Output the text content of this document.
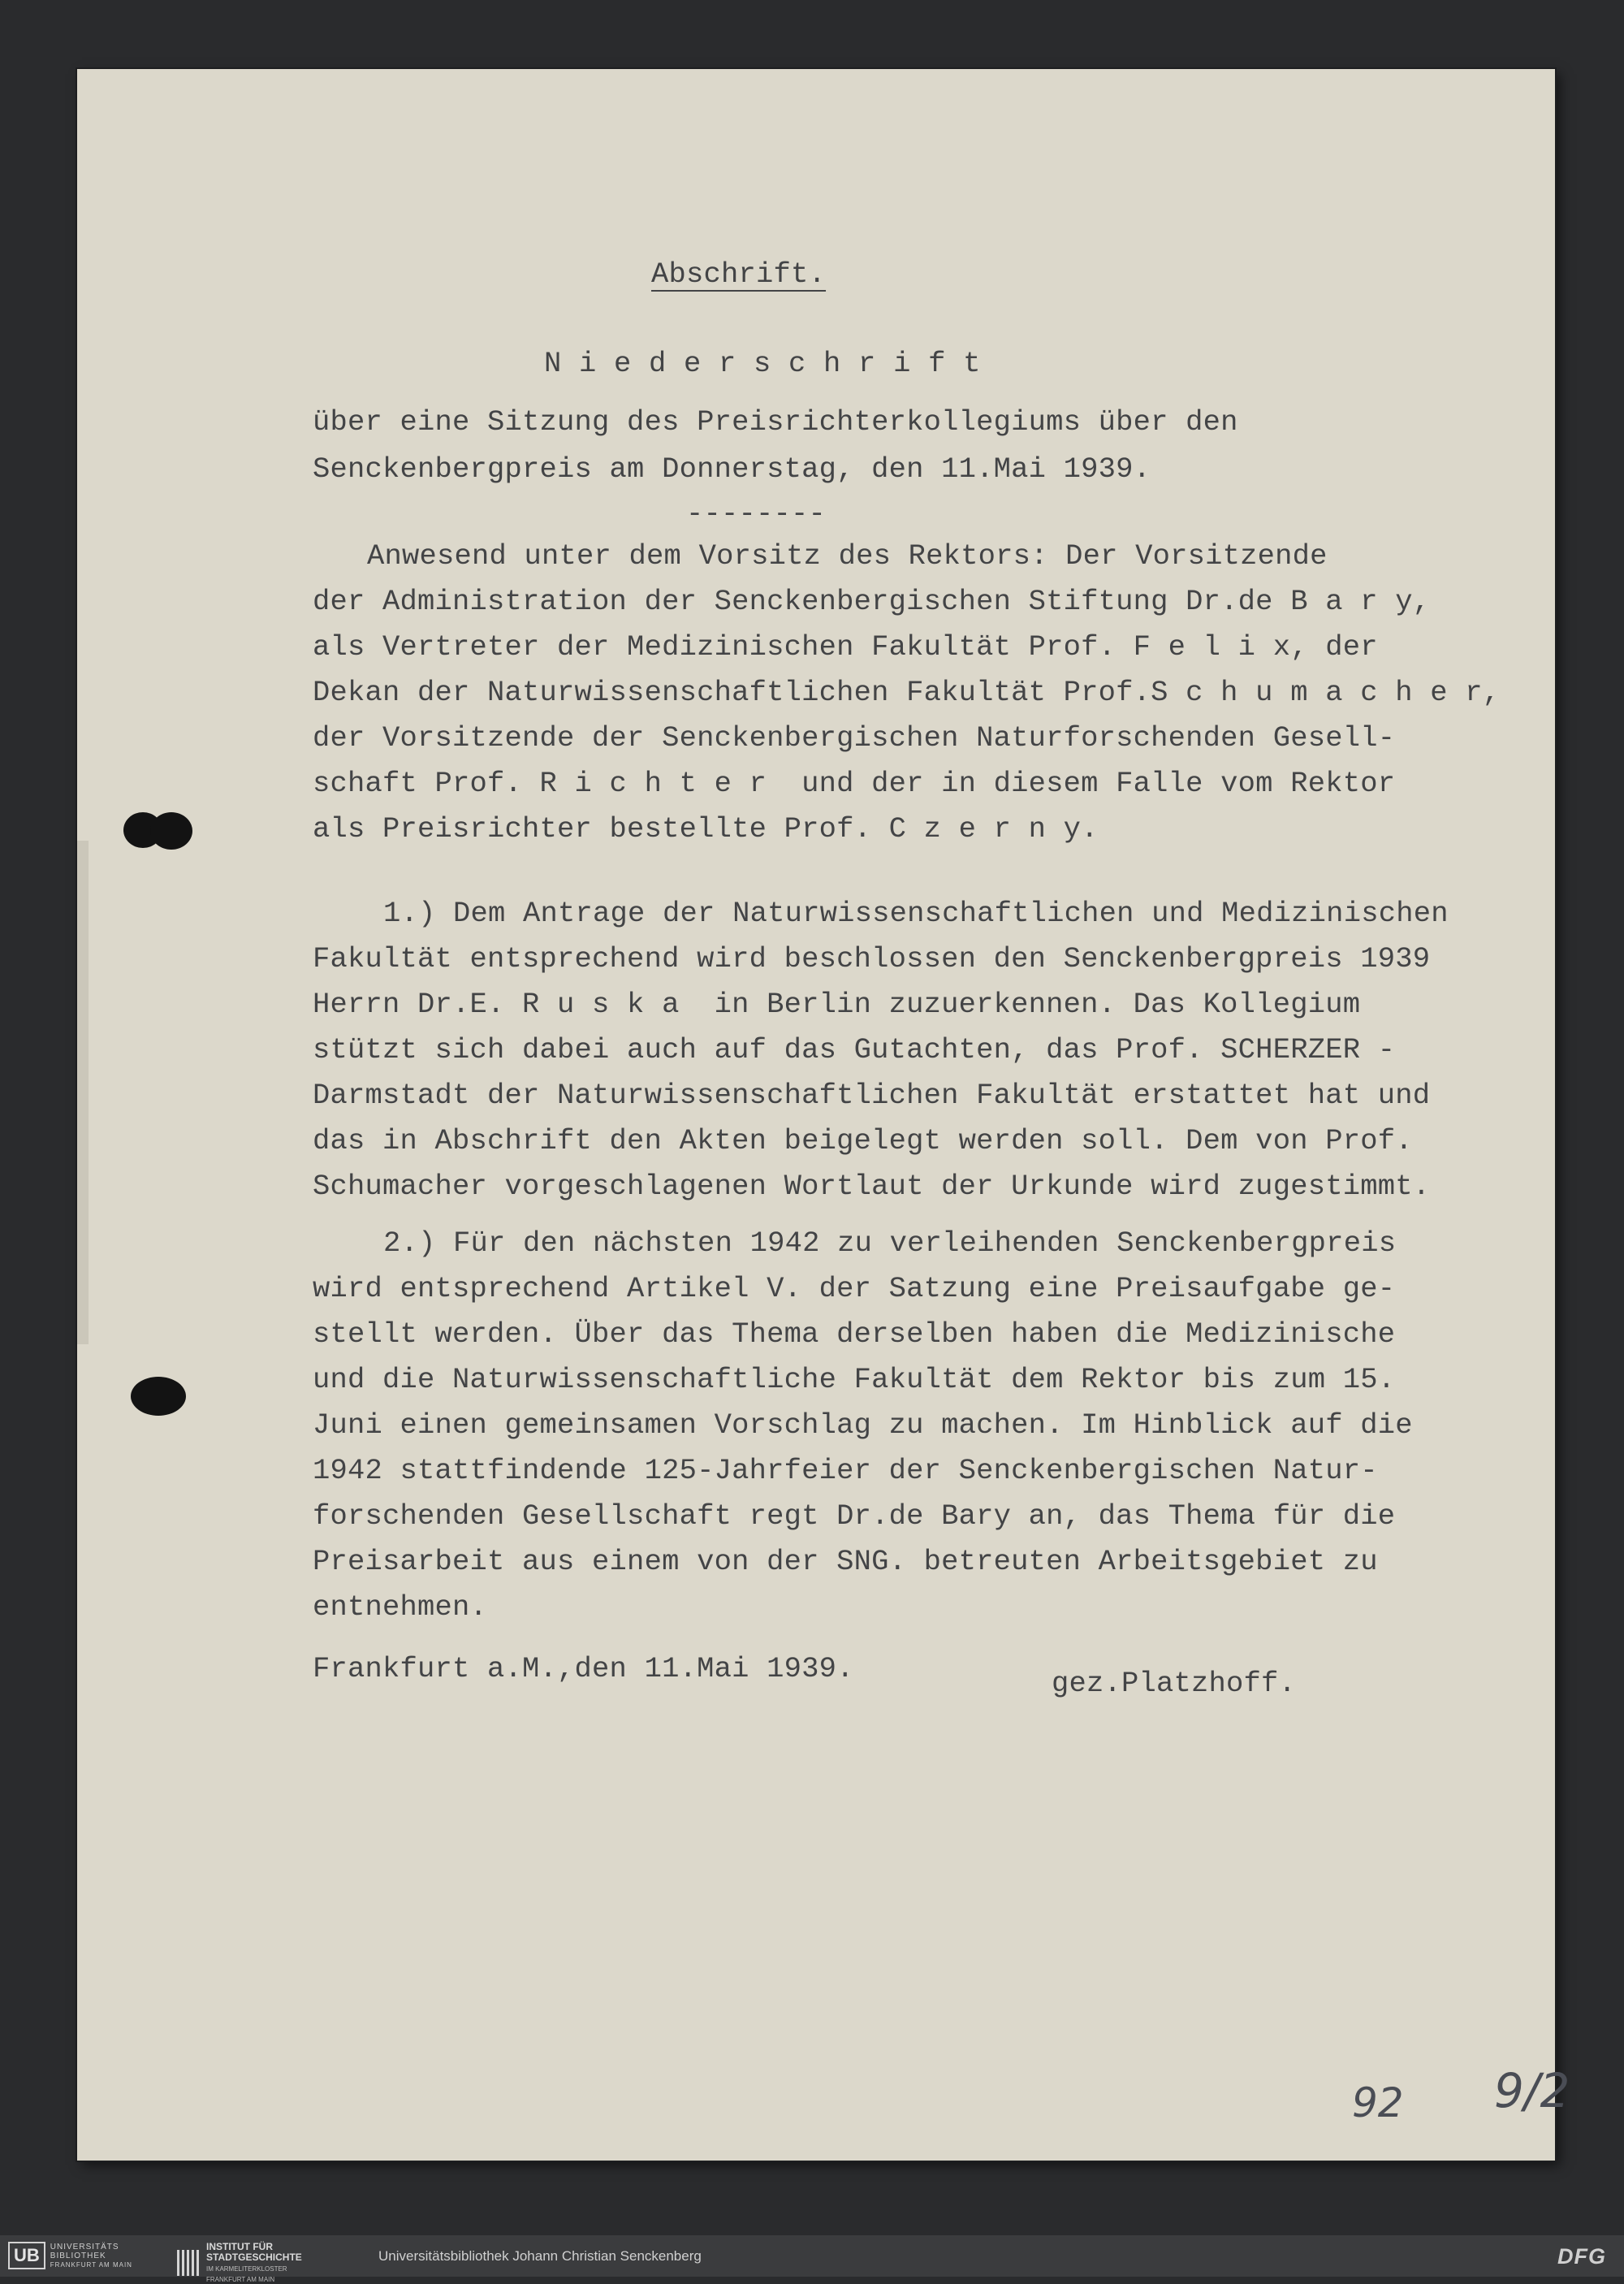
Abschrift.
N i e d e r s c h r i f t
über eine Sitzung des Preisrichterkollegiums über den
Senckenbergpreis am Donnerstag, den 11.Mai 1939.
--------
Anwesend unter dem Vorsitz des Rektors: Der Vorsitzende
der Administration der Senckenbergischen Stiftung Dr.de B a r y,
als Vertreter der Medizinischen Fakultät Prof. F e l i x, der
Dekan der Naturwissenschaftlichen Fakultät Prof.S c h u m a c h e r,
der Vorsitzende der Senckenbergischen Naturforschenden Gesell-
schaft Prof. R i c h t e r  und der in diesem Falle vom Rektor
als Preisrichter bestellte Prof. C z e r n y.
1.) Dem Antrage der Naturwissenschaftlichen und Medizinischen
Fakultät entsprechend wird beschlossen den Senckenbergpreis 1939
Herrn Dr.E. R u s k a  in Berlin zuzuerkennen. Das Kollegium
stützt sich dabei auch auf das Gutachten, das Prof. SCHERZER -
Darmstadt der Naturwissenschaftlichen Fakultät erstattet hat und
das in Abschrift den Akten beigelegt werden soll. Dem von Prof.
Schumacher vorgeschlagenen Wortlaut der Urkunde wird zugestimmt.
2.) Für den nächsten 1942 zu verleihenden Senckenbergpreis
wird entsprechend Artikel V. der Satzung eine Preisaufgabe ge-
stellt werden. Über das Thema derselben haben die Medizinische
und die Naturwissenschaftliche Fakultät dem Rektor bis zum 15.
Juni einen gemeinsamen Vorschlag zu machen. Im Hinblick auf die
1942 stattfindende 125-Jahrfeier der Senckenbergischen Natur-
forschenden Gesellschaft regt Dr.de Bary an, das Thema für die
Preisarbeit aus einem von der SNG. betreuten Arbeitsgebiet zu
entnehmen.
Frankfurt a.M.,den 11.Mai 1939.	gez.Platzhoff.
92 9/2
UB	UNIVERSITÄTS
BIBLIOTHEK
FRANKFURT AM MAIN
INSTITUT FÜR
STADTGESCHICHTE
IM KARMELITERKLOSTER
FRANKFURT AM MAIN
Universitätsbibliothek Johann Christian Senckenberg	DFG
